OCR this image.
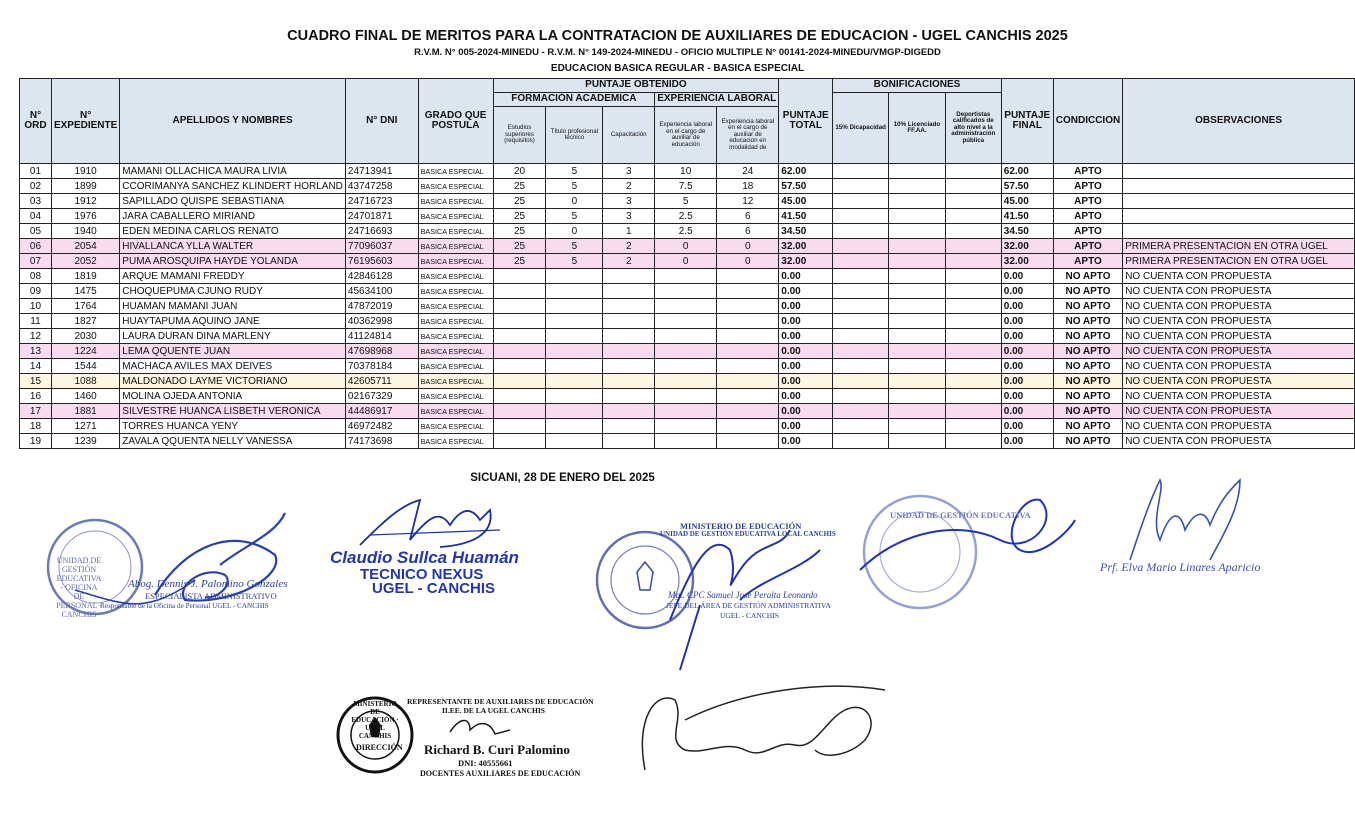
CUADRO FINAL DE MERITOS PARA LA CONTRATACION DE AUXILIARES DE EDUCACION - UGEL CANCHIS 2025
R.V.M. N° 005-2024-MINEDU - R.V.M. N° 149-2024-MINEDU - OFICIO MULTIPLE N° 00141-2024-MINEDU/VMGP-DIGEDD
EDUCACION BASICA REGULAR - BASICA ESPECIAL
N° ORD	N° EXPEDIENTE	APELLIDOS Y NOMBRES	N° DNI	GRADO QUE POSTULA	PUNTAJE OBTENIDO					PUNTAJE TOTAL	BONIFICACIONES			PUNTAJE FINAL	CONDICCION	OBSERVACIONES
					FORMACIÓN ACADEMICA			EXPERIENCIA LABORAL			15% Dicapacidad	10% Licenciado FF.AA.	Deportistas calificados de alto nivel a la administración pública			
					Estudios superiores (requisitos)	Título profesional técnico	Capacitación	Experiencia laboral en el cargo de auxiliar de educación	Experiencia laboral en el cargo de auxiliar de educacion en modalidad de							
01	1910	MAMANI OLLACHICA MAURA LIVIA	24713941	BASICA ESPECIAL	20	5	3	10	24	62.00				62.00	APTO	
02	1899	CCORIMANYA SANCHEZ KLINDERT HORLAND	43747258	BASICA ESPECIAL	25	5	2	7.5	18	57.50				57.50	APTO	
03	1912	SAPILLADO QUISPE SEBASTIANA	24716723	BASICA ESPECIAL	25	0	3	5	12	45.00				45.00	APTO	
04	1976	JARA CABALLERO MIRIAND	24701871	BASICA ESPECIAL	25	5	3	2.5	6	41.50				41.50	APTO	
05	1940	EDEN MEDINA CARLOS RENATO	24716693	BASICA ESPECIAL	25	0	1	2.5	6	34.50				34.50	APTO	
06	2054	HIVALLANCA YLLA WALTER	77096037	BASICA ESPECIAL	25	5	2	0	0	32.00				32.00	APTO	PRIMERA PRESENTACION EN OTRA UGEL
07	2052	PUMA AROSQUIPA HAYDE YOLANDA	76195603	BASICA ESPECIAL	25	5	2	0	0	32.00				32.00	APTO	PRIMERA PRESENTACION EN OTRA UGEL
08	1819	ARQUE MAMANI FREDDY	42846128	BASICA ESPECIAL						0.00				0.00	NO APTO	NO CUENTA CON PROPUESTA
09	1475	CHOQUEPUMA CJUNO RUDY	45634100	BASICA ESPECIAL						0.00				0.00	NO APTO	NO CUENTA CON PROPUESTA
10	1764	HUAMAN MAMANI JUAN	47872019	BASICA ESPECIAL						0.00				0.00	NO APTO	NO CUENTA CON PROPUESTA
11	1827	HUAYTAPUMA AQUINO JANE	40362998	BASICA ESPECIAL						0.00				0.00	NO APTO	NO CUENTA CON PROPUESTA
12	2030	LAURA DURAN DINA MARLENY	41124814	BASICA ESPECIAL						0.00				0.00	NO APTO	NO CUENTA CON PROPUESTA
13	1224	LEMA QQUENTE JUAN	47698968	BASICA ESPECIAL						0.00				0.00	NO APTO	NO CUENTA CON PROPUESTA
14	1544	MACHACA AVILES MAX DEIVES	70378184	BASICA ESPECIAL						0.00				0.00	NO APTO	NO CUENTA CON PROPUESTA
15	1088	MALDONADO LAYME VICTORIANO	42605711	BASICA ESPECIAL						0.00				0.00	NO APTO	NO CUENTA CON PROPUESTA
16	1460	MOLINA OJEDA ANTONIA	02167329	BASICA ESPECIAL						0.00				0.00	NO APTO	NO CUENTA CON PROPUESTA
17	1881	SILVESTRE HUANCA LISBETH VERONICA	44486917	BASICA ESPECIAL						0.00				0.00	NO APTO	NO CUENTA CON PROPUESTA
18	1271	TORRES HUANCA YENY	46972482	BASICA ESPECIAL						0.00				0.00	NO APTO	NO CUENTA CON PROPUESTA
19	1239	ZAVALA QQUENTA NELLY VANESSA	74173698	BASICA ESPECIAL						0.00				0.00	NO APTO	NO CUENTA CON PROPUESTA
SICUANI, 28 DE ENERO DEL 2025
UNIDAD DE GESTIÓN EDUCATIVA - OFICINA DE PERSONAL - CANCHIS
Abog. Dennis J. Palomino Gonzales
ESPECIALISTA ADMINISTRATIVO
Responsable de la Oficina de Personal UGEL - CANCHIS
Claudio Sullca Huamán
TECNICO NEXUS
UGEL - CANCHIS
MINISTERIO DE EDUCACIÓN
UNIDAD DE GESTIÓN EDUCATIVA LOCAL CANCHIS
Mgt. CPC Samuel José Peralta Leonardo
JEFE DEL ÁREA DE GESTIÓN ADMINISTRATIVA
UGEL - CANCHIS
UNIDAD DE GESTIÓN EDUCATIVA
Prf. Elva Mario Linares Aparicio
MINISTERIO DE EDUCACIÓN · UGEL CANCHIS
DIRECCIÓN
REPRESENTANTE DE AUXILIARES DE EDUCACIÓN
II.EE. DE LA UGEL CANCHIS
Richard B. Curi Palomino
DNI: 40555661
DOCENTES AUXILIARES DE EDUCACIÓN
